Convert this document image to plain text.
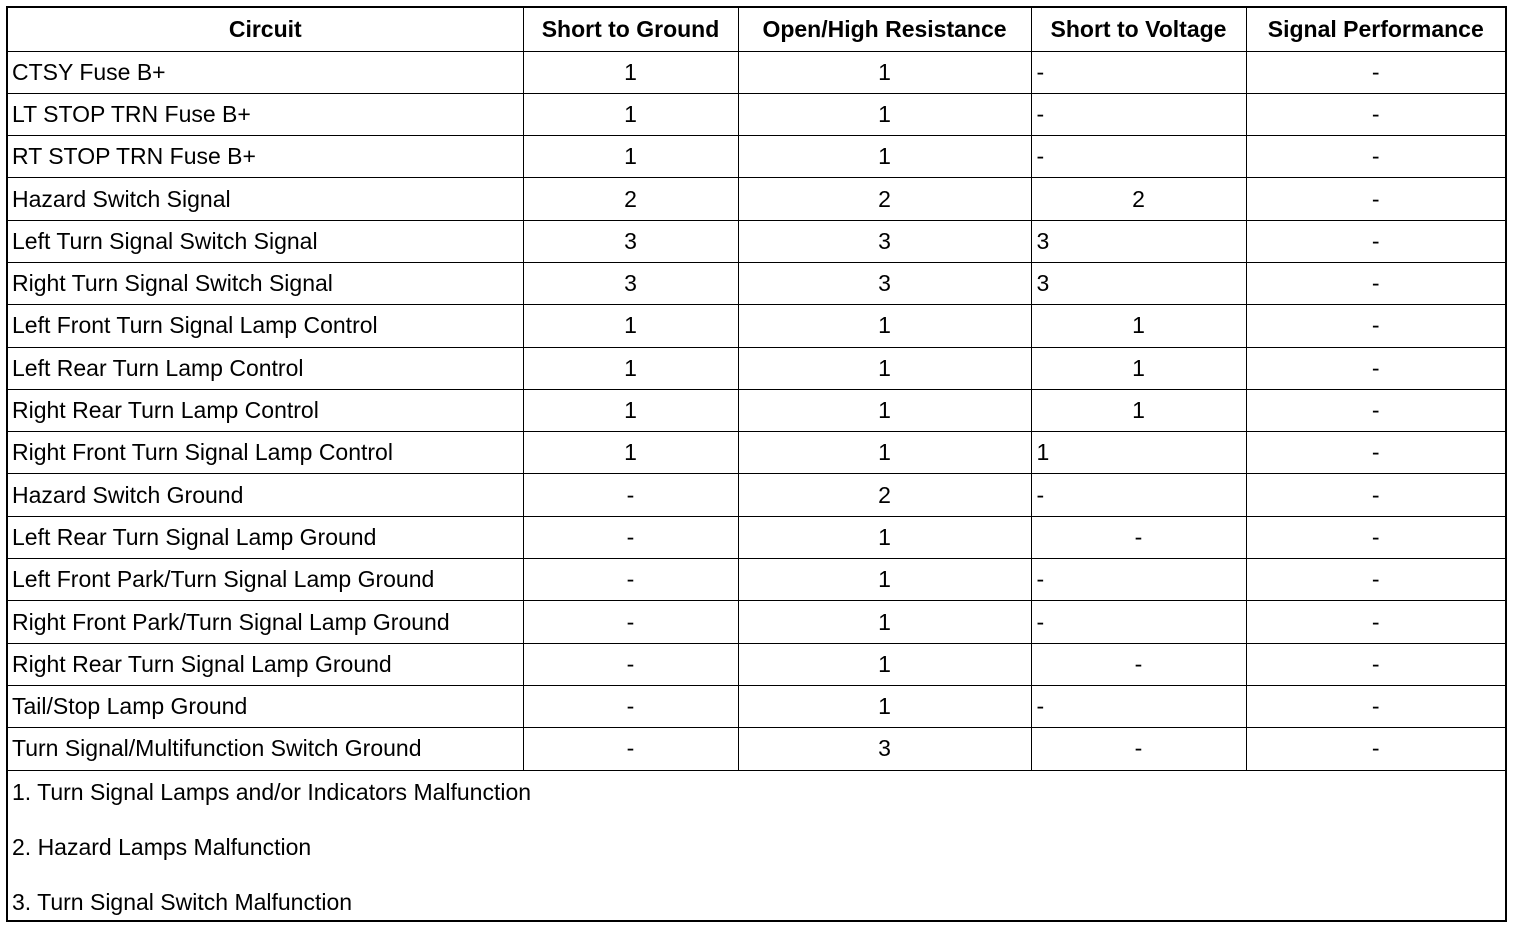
Circuit	Short to Ground	Open/High Resistance	Short to Voltage	Signal Performance
CTSY Fuse B+	1	1	-	-
LT STOP TRN Fuse B+	1	1	-	-
RT STOP TRN Fuse B+	1	1	-	-
Hazard Switch Signal	2	2	2	-
Left Turn Signal Switch Signal	3	3	3	-
Right Turn Signal Switch Signal	3	3	3	-
Left Front Turn Signal Lamp Control	1	1	1	-
Left Rear Turn Lamp Control	1	1	1	-
Right Rear Turn Lamp Control	1	1	1	-
Right Front Turn Signal Lamp Control	1	1	1	-
Hazard Switch Ground	-	2	-	-
Left Rear Turn Signal Lamp Ground	-	1	-	-
Left Front Park/Turn Signal Lamp Ground	-	1	-	-
Right Front Park/Turn Signal Lamp Ground	-	1	-	-
Right Rear Turn Signal Lamp Ground	-	1	-	-
Tail/Stop Lamp Ground	-	1	-	-
Turn Signal/Multifunction Switch Ground	-	3	-	-
1. Turn Signal Lamps and/or Indicators Malfunction
2. Hazard Lamps Malfunction
3. Turn Signal Switch Malfunction
